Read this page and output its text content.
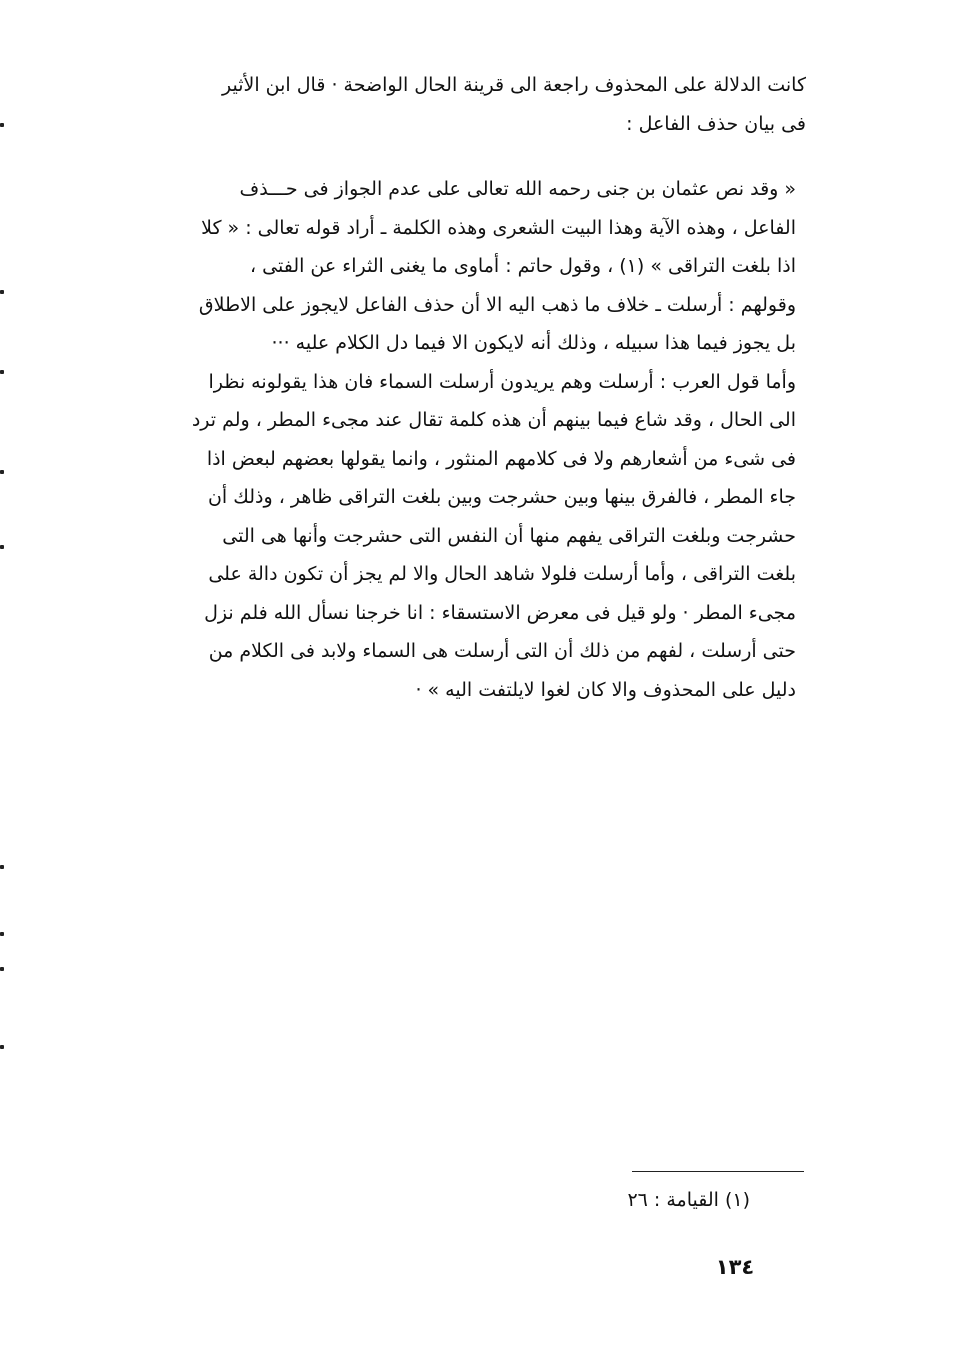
كانت الدلالة على المحذوف راجعة الى قرينة الحال الواضحة · قال ابن الأثير
فى بيان حذف الفاعل :
« وقد نص عثمان بن جنى رحمه الله تعالى على عدم الجواز فى حـــذف
الفاعل ، وهذه الآية وهذا البيت الشعرى وهذه الكلمة ـ أراد قوله تعالى : « كلا
اذا بلغت التراقى » (١) ، وقول حاتم : أماوى ما يغنى الثراء عن الفتى ،
وقولهم : أرسلت ـ خلاف ما ذهب اليه الا أن حذف الفاعل لايجوز على الاطلاق
بل يجوز فيما هذا سبيله ، وذلك أنه لايكون الا فيما دل الكلام عليه ···
وأما قول العرب : أرسلت وهم يريدون أرسلت السماء فان هذا يقولونه نظرا
الى الحال ، وقد شاع فيما بينهم أن هذه كلمة تقال عند مجىء المطر ، ولم ترد
فى شىء من أشعارهم ولا فى كلامهم المنثور ، وانما يقولها بعضهم لبعض اذا
جاء المطر ، فالفرق بينها وبين حشرجت وبين بلغت التراقى ظاهر ، وذلك أن
حشرجت وبلغت التراقى يفهم منها أن النفس التى حشرجت وأنها هى التى
بلغت التراقى ، وأما أرسلت فلولا شاهد الحال والا لم يجز أن تكون دالة على
مجىء المطر · ولو قيل فى معرض الاستسقاء : انا خرجنا نسأل الله فلم نزل
حتى أرسلت ، لفهم من ذلك أن التى أرسلت هى السماء ولابد فى الكلام من
دليل على المحذوف والا كان لغوا لايلتفت اليه » ·
(١) القيامة : ٢٦
١٣٤
